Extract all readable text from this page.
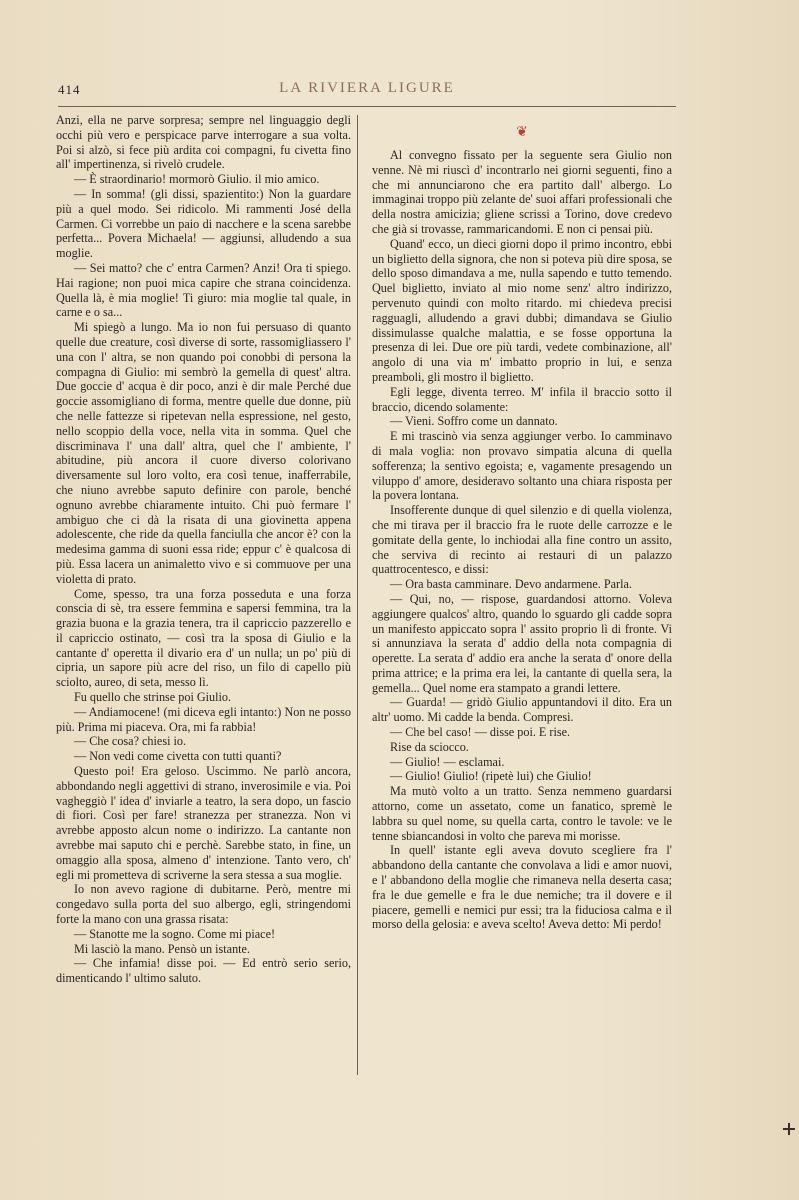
414	LA RIVIERA LIGURE

Anzi, ella ne parve sorpresa; sempre nel linguaggio degli occhi più vero e perspicace parve interrogare a sua volta. Poi si alzò, si fece più ardita coi compagni, fu civetta fino all' impertinenza, si rivelò crudele.

— È straordinario! mormorò Giulio. il mio amico.

— In somma! (gli dissi, spazientito:) Non la guardare più a quel modo. Sei ridicolo. Mi rammenti José della Carmen. Ci vorrebbe un paio di nacchere e la scena sarebbe perfetta... Povera Michaela! — aggiunsi, alludendo a sua moglie.

— Sei matto? che c' entra Carmen? Anzi! Ora ti spiego. Hai ragione; non puoi mica capire che strana coincidenza. Quella là, è mia moglie! Ti giuro: mia moglie tal quale, in carne e o sa...

Mi spiegò a lungo. Ma io non fui persuaso di quanto quelle due creature, così diverse di sorte, rassomigliassero l' una con l' altra, se non quando poi conobbi di persona la compagna di Giulio: mi sembrò la gemella di quest' altra. Due goccie d' acqua è dir poco, anzi è dir male Perché due goccie assomigliano di forma, mentre quelle due donne, più che nelle fattezze si ripetevan nella espressione, nel gesto, nello scoppio della voce, nella vita in somma. Quel che discriminava l' una dall' altra, quel che l' ambiente, l' abitudine, più ancora il cuore diverso colorivano diversamente sul loro volto, era così tenue, inafferrabile, che niuno avrebbe saputo definire con parole, benché ognuno avrebbe chiaramente intuito. Chi può fermare l' ambiguo che ci dà la risata di una giovinetta appena adolescente, che ride da quella fanciulla che ancor è? con la medesima gamma di suoni essa ride; eppur c' è qualcosa di più. Essa lacera un animaletto vivo e si commuove per una violetta di prato.

Come, spesso, tra una forza posseduta e una forza conscia di sè, tra essere femmina e sapersi femmina, tra la grazia buona e la grazia tenera, tra il capriccio pazzerello e il capriccio ostinato, — così tra la sposa di Giulio e la cantante d' operetta il divario era d' un nulla; un po' più di cipria, un sapore più acre del riso, un filo di capello più sciolto, aureo, di seta, messo lì.

Fu quello che strinse poi Giulio.

— Andiamocene! (mi diceva egli intanto:) Non ne posso più. Prima mi piaceva. Ora, mi fa rabbia!

— Che cosa? chiesi io.

— Non vedi come civetta con tutti quanti?

Questo poi! Era geloso. Uscimmo. Ne parlò ancora, abbondando negli aggettivi di strano, inverosimile e via. Poi vagheggiò l' idea d' inviarle a teatro, la sera dopo, un fascio di fiori. Così per fare! stranezza per stranezza. Non vi avrebbe apposto alcun nome o indirizzo. La cantante non avrebbe mai saputo chi e perchè. Sarebbe stato, in fine, un omaggio alla sposa, almeno d' intenzione. Tanto vero, ch' egli mi prometteva di scriverne la sera stessa a sua moglie.

Io non avevo ragione di dubitarne. Però, mentre mi congedavo sulla porta del suo albergo, egli, stringendomi forte la mano con una grassa risata:

— Stanotte me la sogno. Come mi piace!

Mi lasciò la mano. Pensò un istante.

— Che infamia! disse poi. — Ed entrò serio serio, dimenticando l' ultimo saluto.

❦

Al convegno fissato per la seguente sera Giulio non venne. Nè mi riuscì d' incontrarlo nei giorni seguenti, fino a che mi annunciarono che era partito dall' albergo. Lo immaginai troppo più zelante de' suoi affari professionali che della nostra amicizia; gliene scrissi a Torino, dove credevo che già si trovasse, rammaricandomi. E non ci pensai più.

Quand' ecco, un dieci giorni dopo il primo incontro, ebbi un biglietto della signora, che non si poteva più dire sposa, se dello sposo dimandava a me, nulla sapendo e tutto temendo. Quel biglietto, inviato al mio nome senz' altro indirizzo, pervenuto quindi con molto ritardo. mi chiedeva precisi ragguagli, alludendo a gravi dubbi; dimandava se Giulio dissimulasse qualche malattia, e se fosse opportuna la presenza di lei. Due ore più tardi, vedete combinazione, all' angolo di una via m' imbatto proprio in lui, e senza preamboli, gli mostro il biglietto.

Egli legge, diventa terreo. M' infila il braccio sotto il braccio, dicendo solamente:

— Vieni. Soffro come un dannato.

E mi trascinò via senza aggiunger verbo. Io camminavo di mala voglia: non provavo simpatia alcuna di quella sofferenza; la sentivo egoista; e, vagamente presagendo un viluppo d' amore, desideravo soltanto una chiara risposta per la povera lontana.

Insofferente dunque di quel silenzio e di quella violenza, che mi tirava per il braccio fra le ruote delle carrozze e le gomitate della gente, lo inchiodai alla fine contro un assito, che serviva di recinto ai restauri di un palazzo quattrocentesco, e dissi:

— Ora basta camminare. Devo andarmene. Parla.

— Qui, no, — rispose, guardandosi attorno. Voleva aggiungere qualcos' altro, quando lo sguardo gli cadde sopra un manifesto appiccato sopra l' assito proprio lì di fronte. Vi si annunziava la serata d' addio della nota compagnia di operette. La serata d' addio era anche la serata d' onore della prima attrice; e la prima era lei, la cantante di quella sera, la gemella... Quel nome era stampato a grandi lettere.

— Guarda! — gridò Giulio appuntandovi il dito. Era un altr' uomo. Mi cadde la benda. Compresi.

— Che bel caso! — disse poi. E rise.

Rise da sciocco.

— Giulio! — esclamai.

— Giulio! Giulio! (ripetè lui) che Giulio!

Ma mutò volto a un tratto. Senza nemmeno guardarsi attorno, come un assetato, come un fanatico, spremè le labbra su quel nome, su quella carta, contro le tavole: ve le tenne sbiancandosi in volto che pareva mi morisse.

In quell' istante egli aveva dovuto scegliere fra l' abbandono della cantante che convolava a lidi e amor nuovi, e l' abbandono della moglie che rimaneva nella deserta casa; fra le due gemelle e fra le due nemiche; tra il dovere e il piacere, gemelli e nemici pur essi; tra la fiduciosa calma e il morso della gelosia: e aveva scelto! Aveva detto: Mi perdo!
